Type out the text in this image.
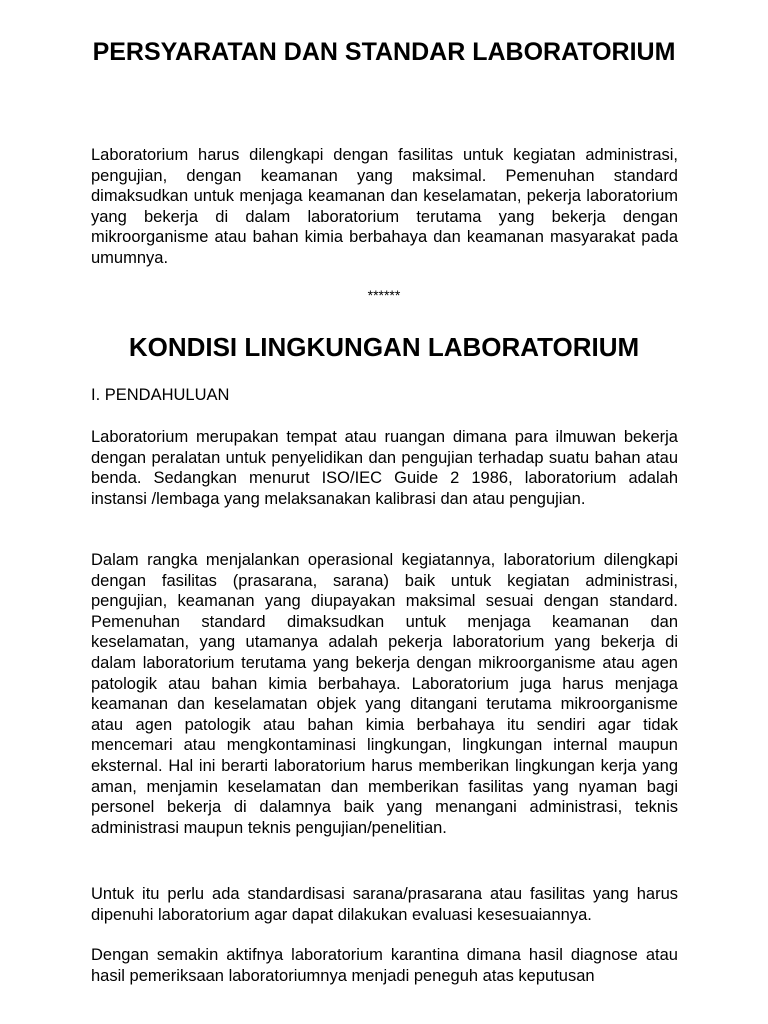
PERSYARATAN DAN STANDAR LABORATORIUM

Laboratorium harus dilengkapi dengan fasilitas untuk kegiatan administrasi, pengujian, dengan keamanan yang maksimal. Pemenuhan standard dimaksudkan untuk menjaga keamanan dan keselamatan, pekerja laboratorium yang bekerja di dalam laboratorium terutama yang bekerja dengan mikroorganisme atau bahan kimia berbahaya dan keamanan masyarakat pada umumnya.

******
KONDISI LINGKUNGAN LABORATORIUM
I. PENDAHULUAN

Laboratorium merupakan tempat atau ruangan dimana para ilmuwan bekerja dengan peralatan untuk penyelidikan dan pengujian terhadap suatu bahan atau benda. Sedangkan menurut ISO/IEC Guide 2 1986, laboratorium adalah instansi /lembaga yang melaksanakan kalibrasi dan atau pengujian.

Dalam rangka menjalankan operasional kegiatannya, laboratorium dilengkapi dengan fasilitas (prasarana, sarana) baik untuk kegiatan administrasi, pengujian, keamanan yang diupayakan maksimal sesuai dengan standard. Pemenuhan standard dimaksudkan untuk menjaga keamanan dan keselamatan, yang utamanya adalah pekerja laboratorium yang bekerja di dalam laboratorium terutama yang bekerja dengan mikroorganisme atau agen patologik atau bahan kimia berbahaya. Laboratorium juga harus menjaga keamanan dan keselamatan objek yang ditangani terutama mikroorganisme atau agen patologik atau bahan kimia berbahaya itu sendiri agar tidak mencemari atau mengkontaminasi lingkungan, lingkungan internal maupun eksternal. Hal ini berarti laboratorium harus memberikan lingkungan kerja yang aman, menjamin keselamatan dan memberikan fasilitas yang nyaman bagi personel bekerja di dalamnya baik yang menangani administrasi, teknis administrasi maupun teknis pengujian/penelitian.

Untuk itu perlu ada standardisasi sarana/prasarana atau fasilitas yang harus dipenuhi laboratorium agar dapat dilakukan evaluasi kesesuaiannya.

Dengan semakin aktifnya laboratorium karantina dimana hasil diagnose atau hasil pemeriksaan laboratoriumnya menjadi peneguh atas keputusan
